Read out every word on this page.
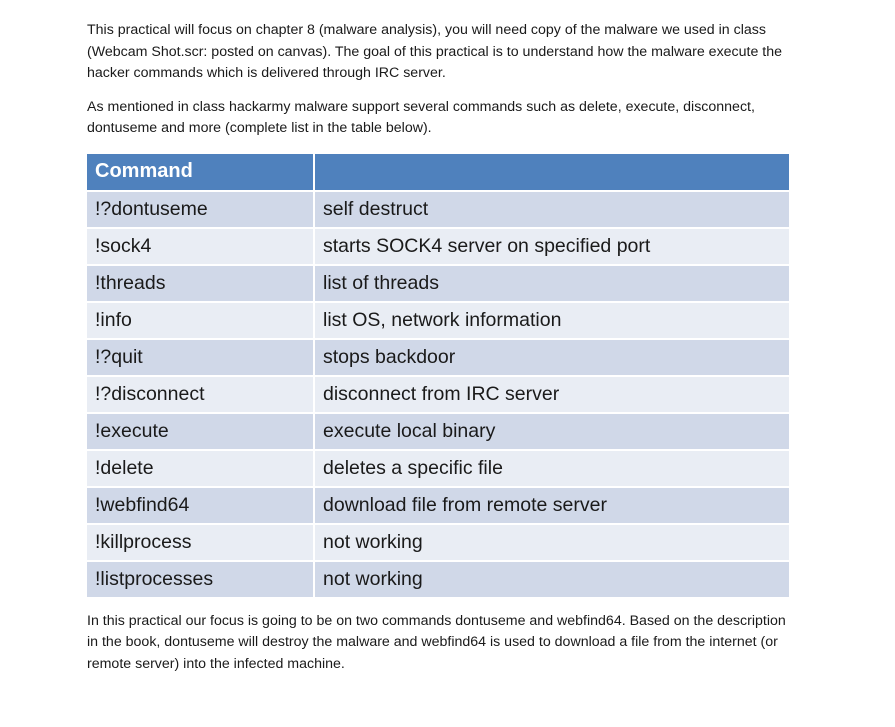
This practical will focus on chapter 8 (malware analysis), you will need copy of the malware we used in class (Webcam Shot.scr: posted on canvas). The goal of this practical is to understand how the malware execute the hacker commands which is delivered through IRC server.

As mentioned in class hackarmy malware support several commands such as delete, execute, disconnect, dontuseme and more (complete list in the table below).

Command	
!?dontuseme	self destruct
!sock4	starts SOCK4 server on specified port
!threads	list of threads
!info	list OS, network information
!?quit	stops backdoor
!?disconnect	disconnect from IRC server
!execute	execute local binary
!delete	deletes a specific file
!webfind64	download file from remote server
!killprocess	not working
!listprocesses	not working

In this practical our focus is going to be on two commands dontuseme and webfind64. Based on the description in the book, dontuseme will destroy the malware and webfind64 is used to download a file from the internet (or remote server) into the infected machine.
